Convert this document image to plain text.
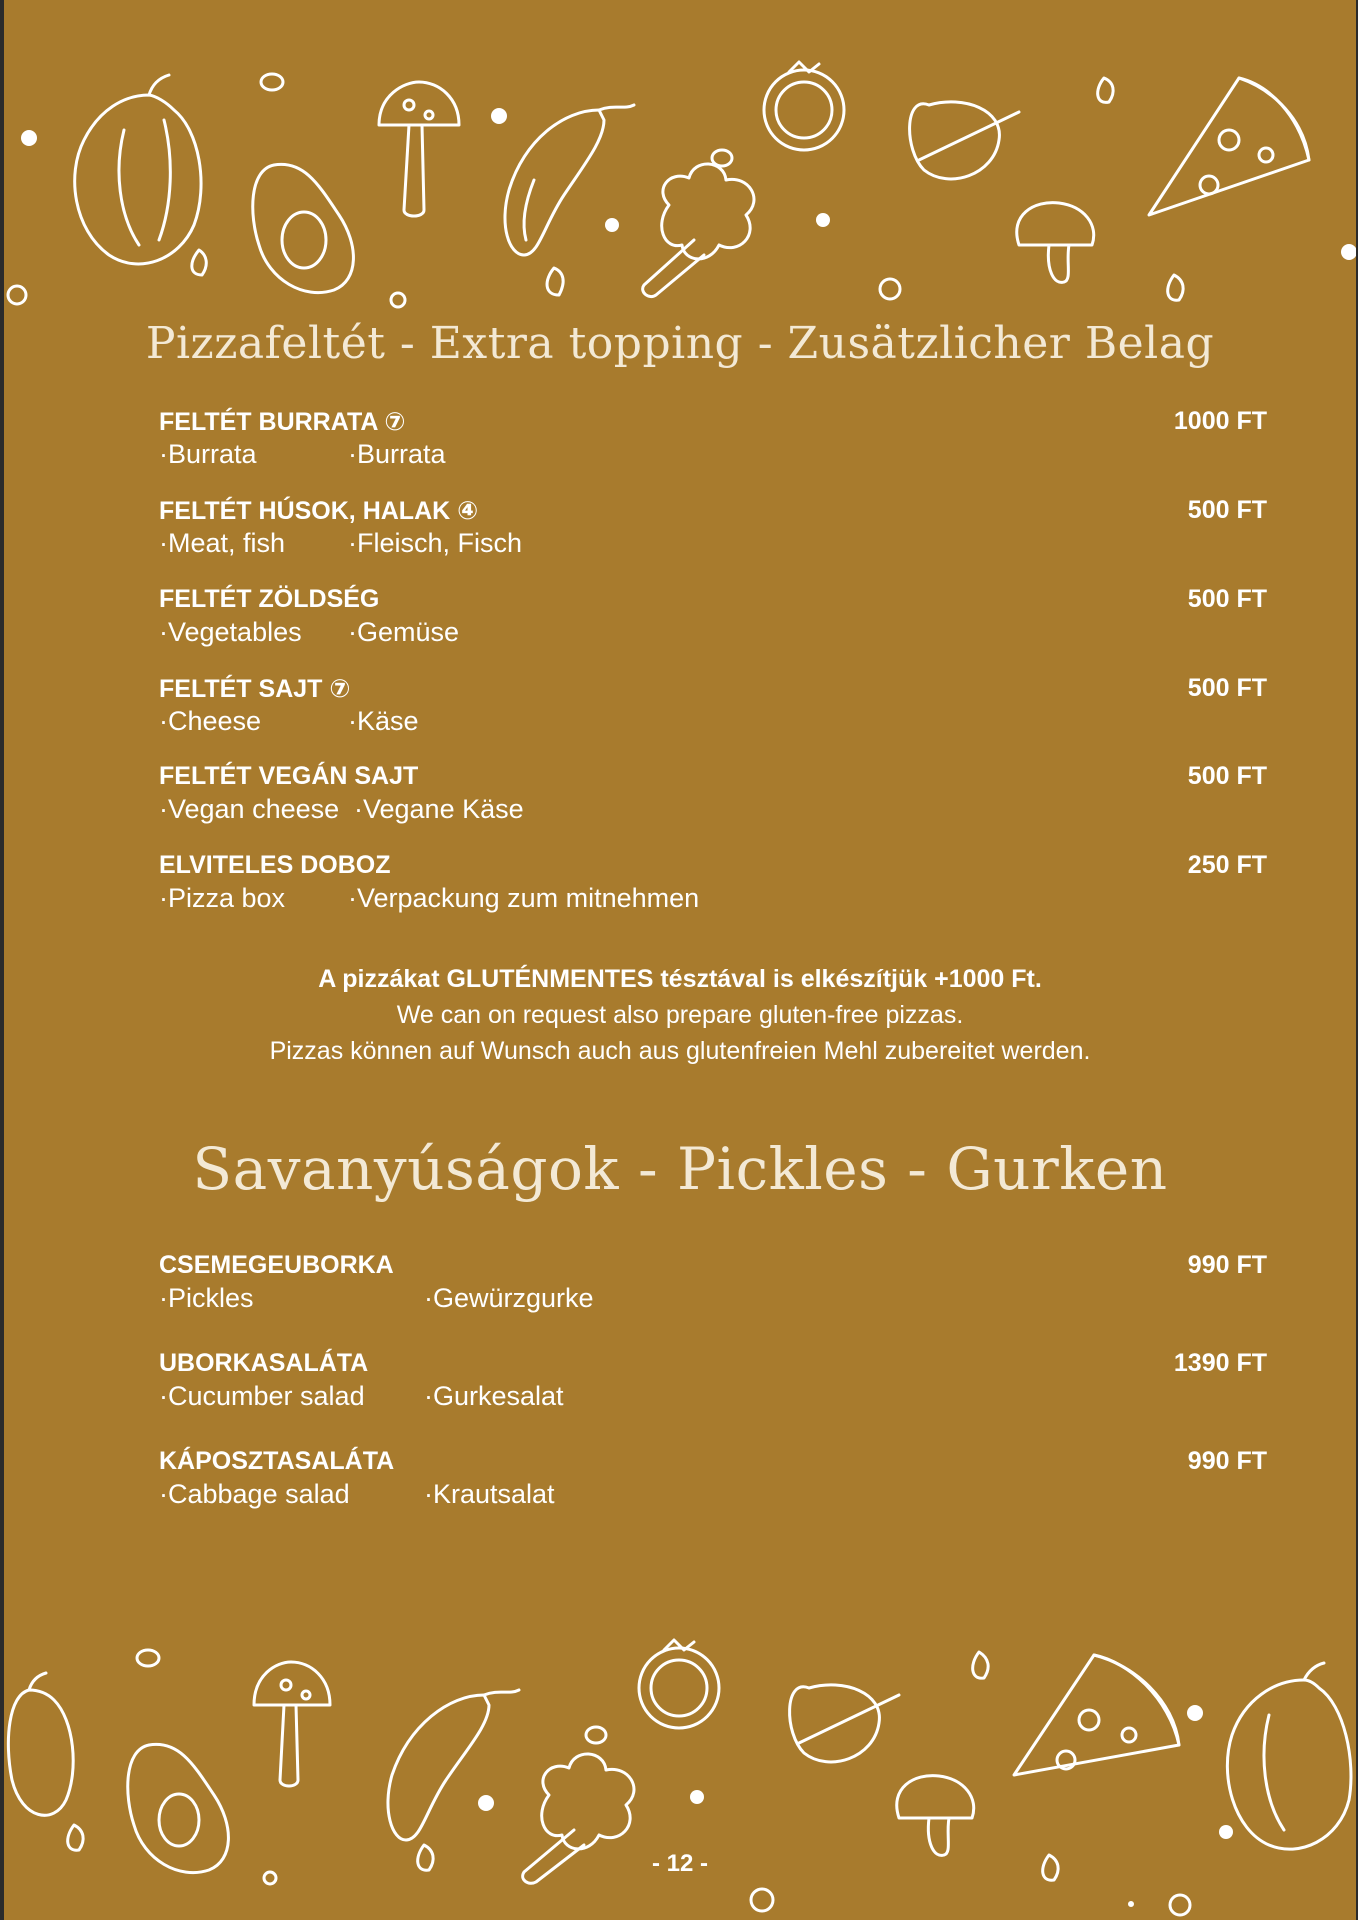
Pizzafeltét - Extra topping - Zusätzlicher Belag
FELTÉT BURRATA ⑦	1000 FT
·Burrata	·Burrata
FELTÉT HÚSOK, HALAK ④	500 FT
·Meat, fish ·Fleisch, Fisch
FELTÉT ZÖLDSÉG	500 FT
·Vegetables ·Gemüse
FELTÉT SAJT ⑦	500 FT
·Cheese	·Käse
FELTÉT VEGÁN SAJT	500 FT
·Vegan cheese ·Vegane Käse
ELVITELES DOBOZ	250 FT
·Pizza box ·Verpackung zum mitnehmen
A pizzákat GLUTÉNMENTES tésztával is elkészítjük +1000 Ft.
We can on request also prepare gluten-free pizzas.
Pizzas können auf Wunsch auch aus glutenfreien Mehl zubereitet werden.
Savanyúságok - Pickles - Gurken
CSEMEGEUBORKA	990 FT
·Pickles	·Gewürzgurke
UBORKASALÁTA	1390 FT
·Cucumber salad ·Gurkesalat
KÁPOSZTASALÁTA	990 FT
·Cabbage salad	·Krautsalat
- 12 -
